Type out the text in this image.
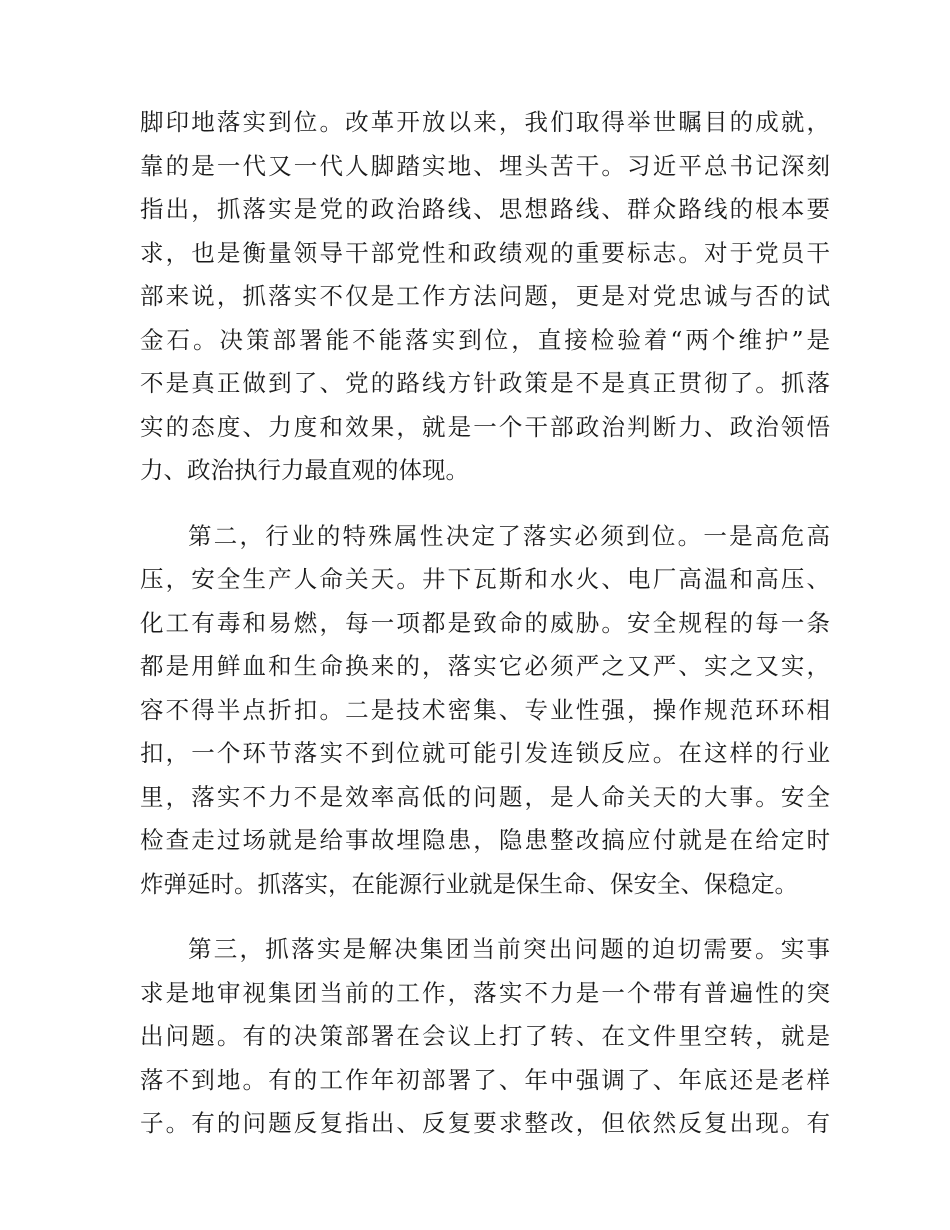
脚印地落实到位。改革开放以来，我们取得举世瞩目的成就，
靠的是一代又一代人脚踏实地、埋头苦干。习近平总书记深刻
指出，抓落实是党的政治路线、思想路线、群众路线的根本要
求，也是衡量领导干部党性和政绩观的重要标志。对于党员干
部来说，抓落实不仅是工作方法问题，更是对党忠诚与否的试
金石。决策部署能不能落实到位，直接检验着“两个维护”是
不是真正做到了、党的路线方针政策是不是真正贯彻了。抓落
实的态度、力度和效果，就是一个干部政治判断力、政治领悟
力、政治执行力最直观的体现。
第二，行业的特殊属性决定了落实必须到位。一是高危高
压，安全生产人命关天。井下瓦斯和水火、电厂高温和高压、
化工有毒和易燃，每一项都是致命的威胁。安全规程的每一条
都是用鲜血和生命换来的，落实它必须严之又严、实之又实，
容不得半点折扣。二是技术密集、专业性强，操作规范环环相
扣，一个环节落实不到位就可能引发连锁反应。在这样的行业
里，落实不力不是效率高低的问题，是人命关天的大事。安全
检查走过场就是给事故埋隐患，隐患整改搞应付就是在给定时
炸弹延时。抓落实，在能源行业就是保生命、保安全、保稳定。
第三，抓落实是解决集团当前突出问题的迫切需要。实事
求是地审视集团当前的工作，落实不力是一个带有普遍性的突
出问题。有的决策部署在会议上打了转、在文件里空转，就是
落不到地。有的工作年初部署了、年中强调了、年底还是老样
子。有的问题反复指出、反复要求整改，但依然反复出现。有
